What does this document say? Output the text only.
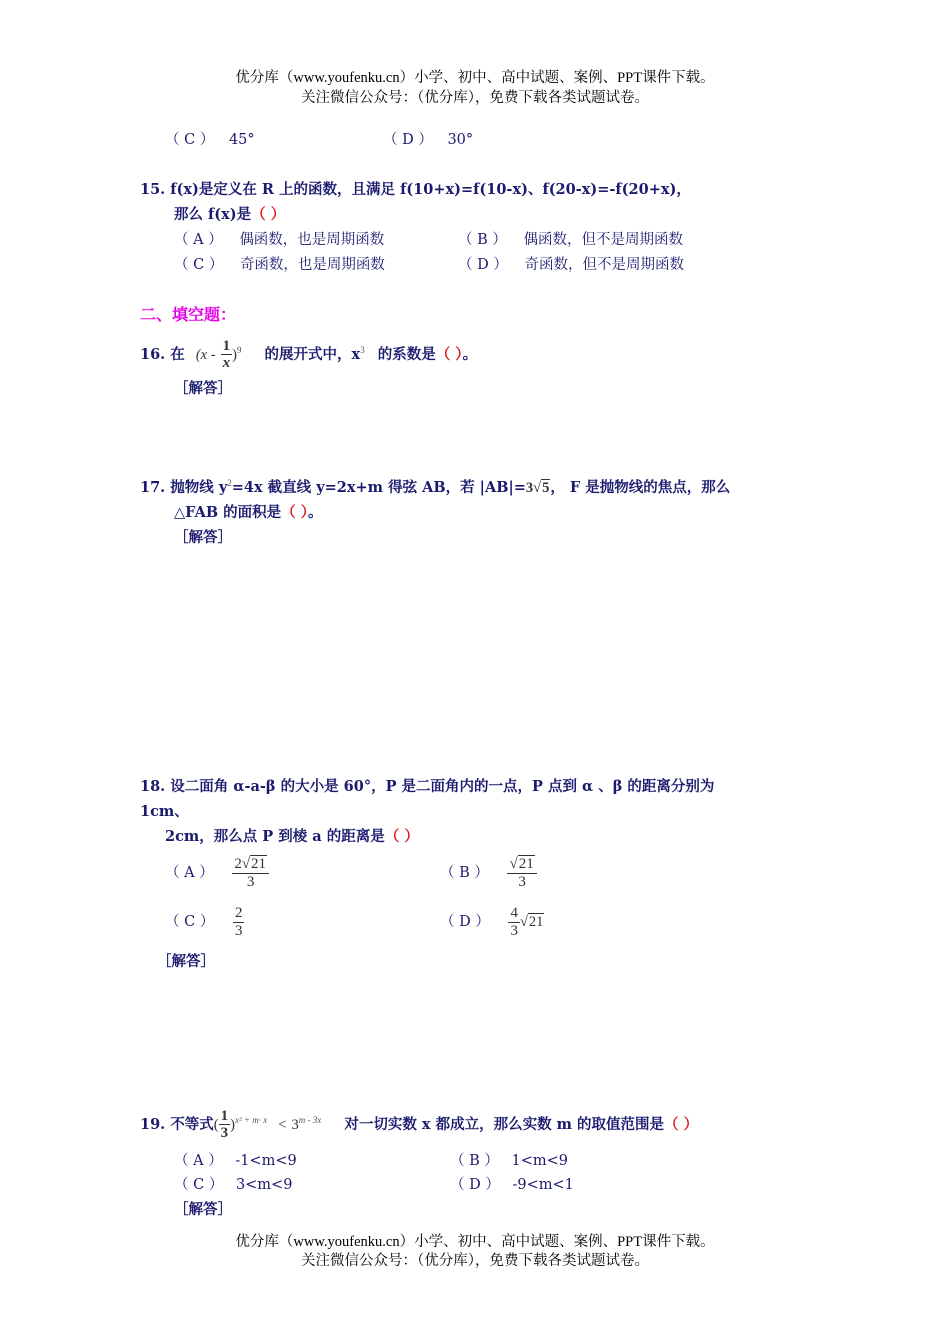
优分库（www.youfenku.cn）小学、初中、高中试题、案例、PPT课件下载。
关注微信公众号：（优分库），免费下载各类试题试卷。
（ C ） 45°	（ D ） 30°
15. f(x)是定义在 R 上的函数，且满足 f(10+x)=f(10-x)、f(20-x)=-f(20+x)，
那么 f(x)是（ ）
（ A ） 偶函数，也是周期函数	（ B ） 偶函数，但不是周期函数
（ C ） 奇函数，也是周期函数	（ D ） 奇函数，但不是周期函数
二、填空题：
16. 在 $(x - \frac{1}{x} )^9$ 的展开式中，$x^3$ 的系数是（ ）。
［解答］
17. 抛物线 $y^2=4x$ 截直线 y=2x+m 得弦 AB，若 |AB|=3√5， F 是抛物线的焦点，那么
△FAB 的面积是（ ）。
［解答］
18. 设二面角 α-a-β 的大小是 60°，P 是二面角内的一点，P 点到 α 、β 的距离分别为
1cm、
2cm，那么点 P 到棱 a 的距离是（ ）
（ A ） $\frac{2√21}{3}$	（ B ） $\frac{√21}{3}$
（ C ） $\frac{2}{3}$	（ D ） $\frac{4}{3} √21$
［解答］
19. 不等式( $\frac{1}{3} )^{x^2 + m\cdot x} < 3^{m - 3x}$ 对一切实数 x 都成立，那么实数 m 的取值范围是（ ）
（ A ） -1<m<9	（ B ） 1<m<9
（ C ） 3<m<9	（ D ） -9<m<1
［解答］
优分库（www.youfenku.cn）小学、初中、高中试题、案例、PPT课件下载。
关注微信公众号：（优分库），免费下载各类试题试卷。
